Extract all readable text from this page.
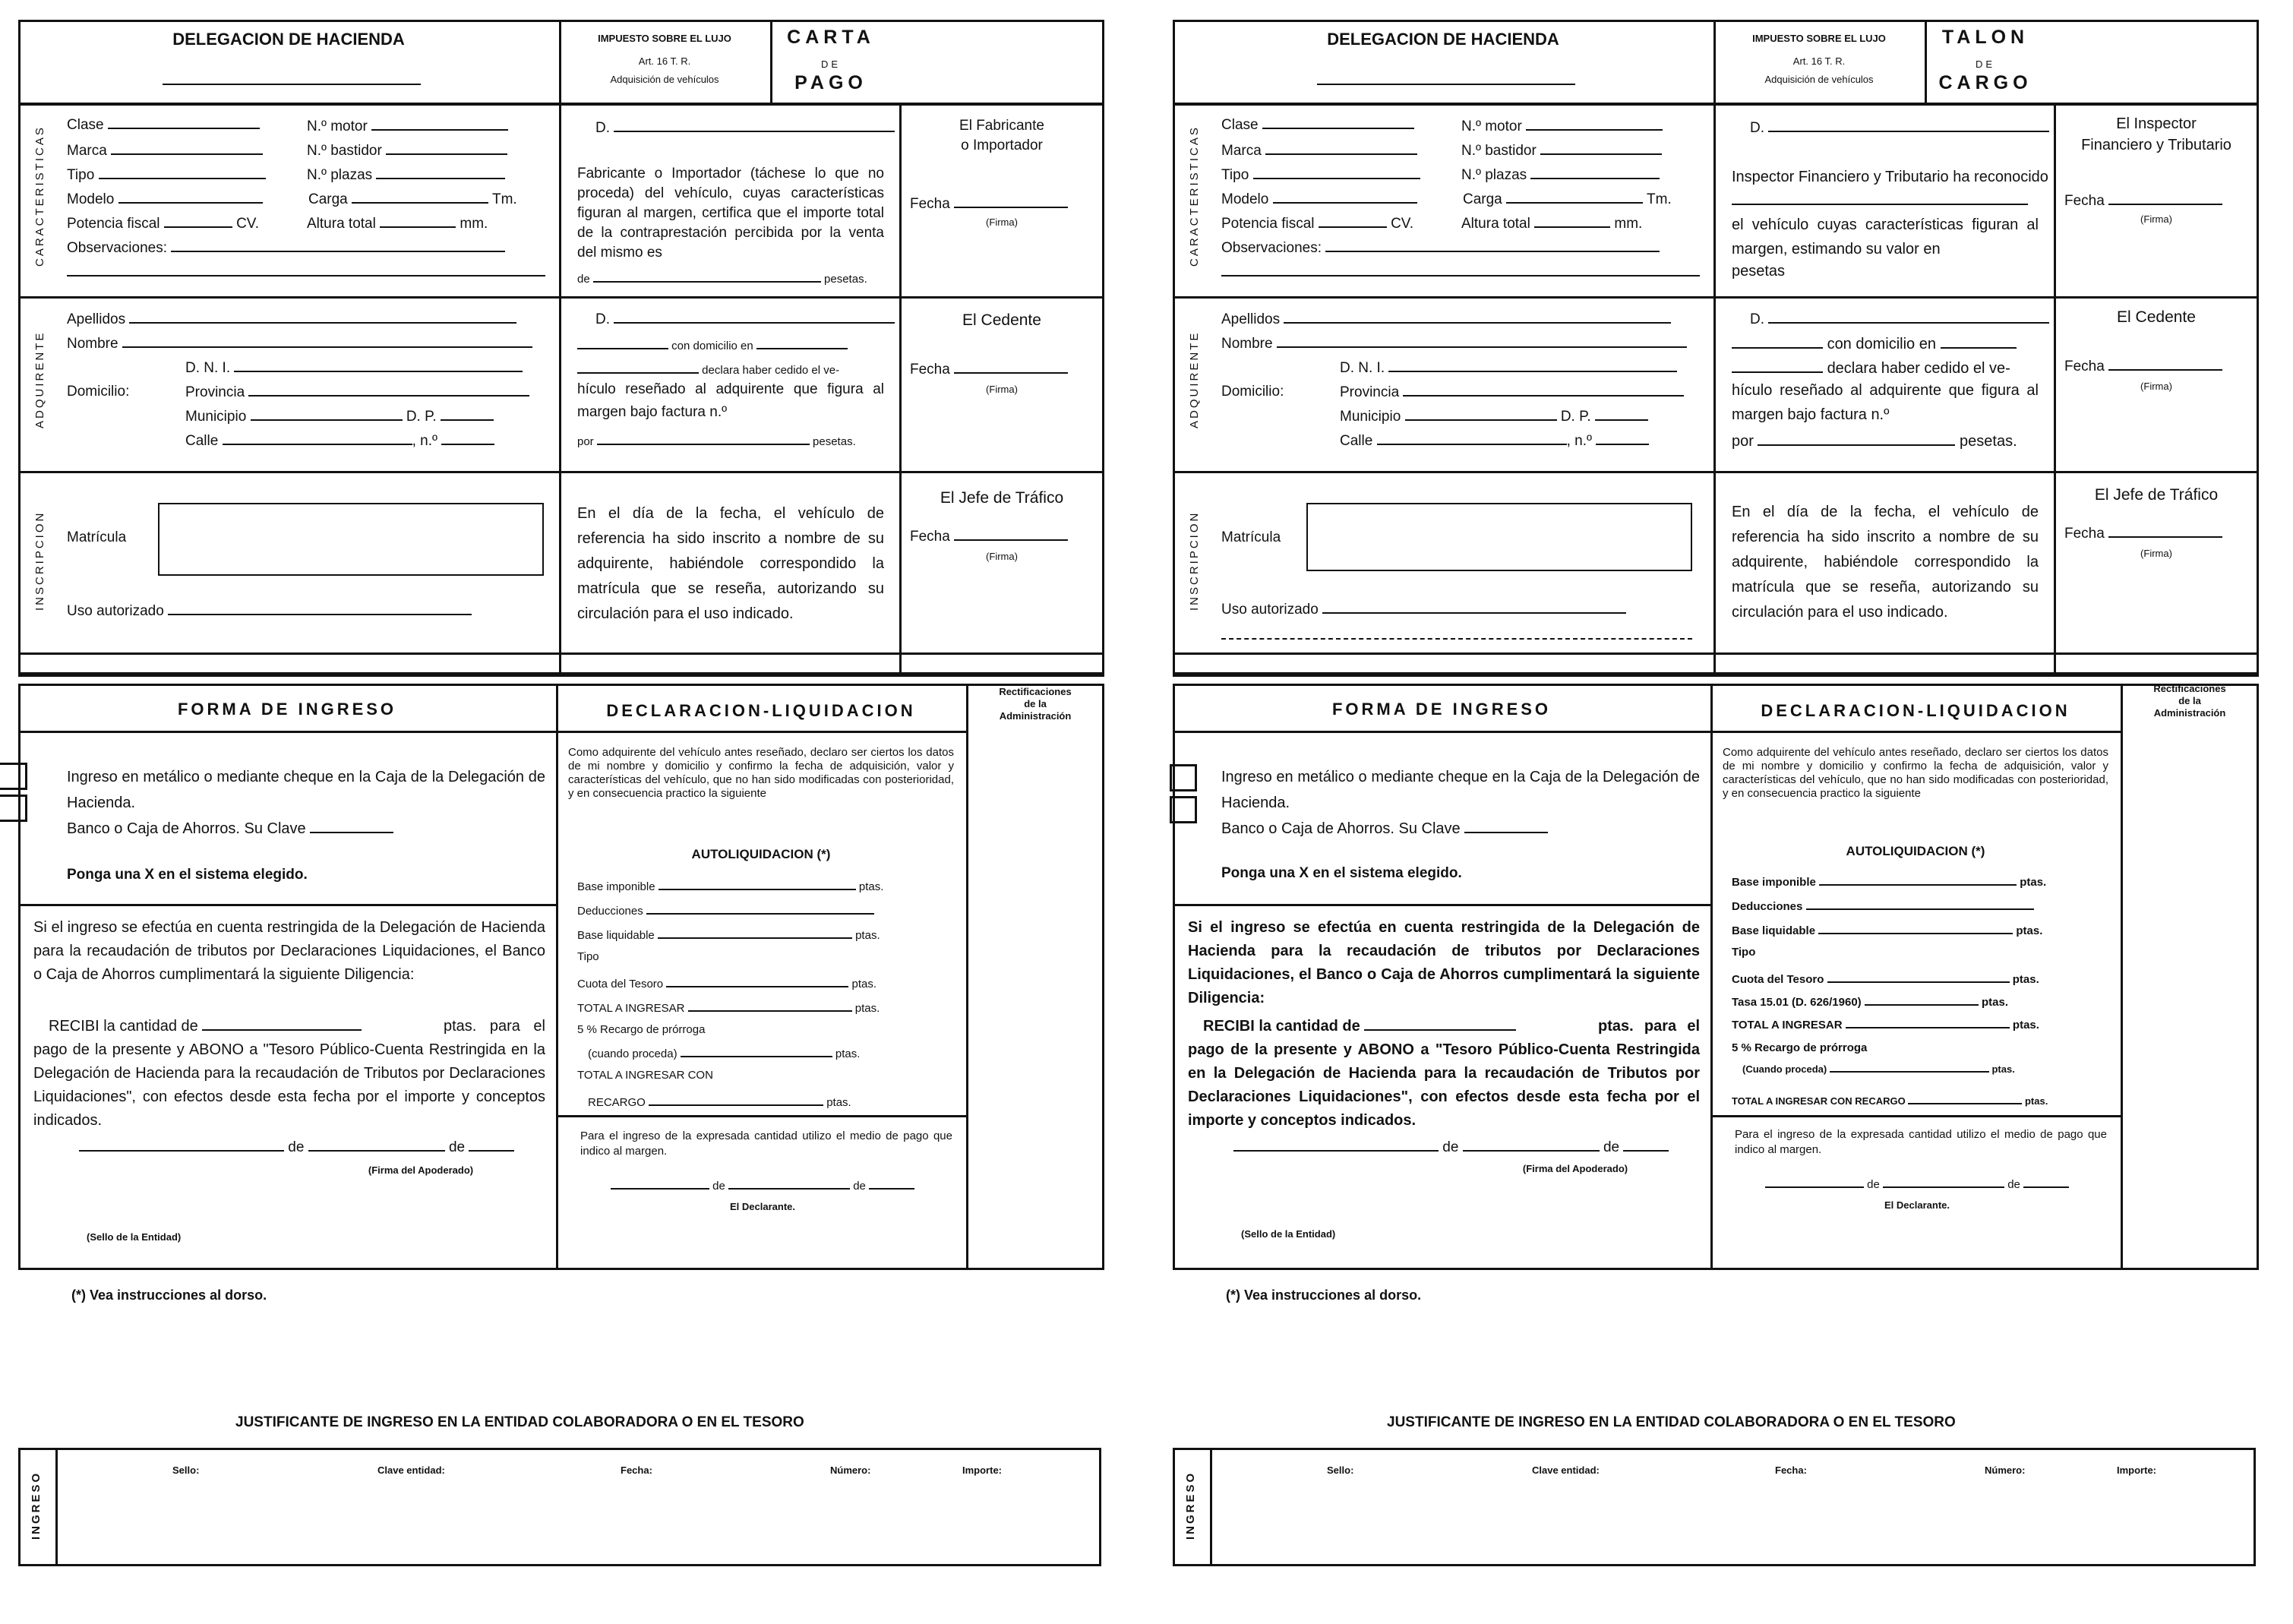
DELEGACION DE HACIENDA	IMPUESTO SOBRE EL LUJO
Art. 16 T. R.
Adquisición de vehículos
CARTA
DE
PAGO
CARACTERISTICAS
ADQUIRENTE
INSCRIPCION
Clase	N.º motor
Marca	N.º bastidor
Tipo	N.º plazas
Modelo	Carga	Tm.
Potencia fiscal	CV.	Altura total	mm.
Observaciones:
D.
Fabricante o Importador (táchese lo que no proceda) del vehículo, cuyas características figuran al margen, certifica que el importe total de la contraprestación percibida por la venta del mismo es
de	pesetas.
El Fabricante
o Importador
Fecha
(Firma)
Apellidos
Nombre
D. N. I.
Domicilio:	Provincia
Municipio	D. P.
Calle	, n.º
D.
con domicilio en
declara haber cedido el ve-
hículo reseñado al adquirente que figura al margen bajo factura n.º
por	pesetas.
El Cedente
Fecha
(Firma)
Matrícula
Uso autorizado
En el día de la fecha, el vehículo de referencia ha sido inscrito a nombre de su adquirente, habiéndole correspondido la matrícula que se reseña, autorizando su circulación para el uso indicado.
El Jefe de Tráfico
Fecha
(Firma)
FORMA DE INGRESO	DECLARACION-LIQUIDACION
Rectificaciones
de la
Administración
Ingreso en metálico o mediante cheque en la Caja de la Delegación de Hacienda.
Banco o Caja de Ahorros. Su Clave
Ponga una X en el sistema elegido.
Si el ingreso se efectúa en cuenta restringida de la Delegación de Hacienda para la recaudación de tributos por Declaraciones Liquidaciones, el Banco o Caja de Ahorros cumplimentará la siguiente Diligencia:
RECIBI la cantidad de	ptas. para el pago de la presente y ABONO a "Tesoro Público-Cuenta Restringida en la Delegación de Hacienda para la recaudación de Tributos por Declaraciones Liquidaciones", con efectos desde esta fecha por el importe y conceptos indicados.
de	de
(Firma del Apoderado)
(Sello de la Entidad)
Como adquirente del vehículo antes reseñado, declaro ser ciertos los datos de mi nombre y domicilio y confirmo la fecha de adquisición, valor y características del vehículo, que no han sido modificadas con posterioridad, y en consecuencia practico la siguiente
AUTOLIQUIDACION (*)
Base imponible	ptas.
Deducciones
Base liquidable	ptas.
Tipo
Cuota del Tesoro	ptas.
TOTAL A INGRESAR	ptas.
5 % Recargo de prórroga
(cuando proceda)	ptas.
TOTAL A INGRESAR CON
RECARGO	ptas.
Para el ingreso de la expresada cantidad utilizo el medio de pago que indico al margen.
de	de
El Declarante.
(*) Vea instrucciones al dorso.
DELEGACION DE HACIENDA	IMPUESTO SOBRE EL LUJO
Art. 16 T. R.
Adquisición de vehículos
TALON
DE
CARGO
CARACTERISTICAS
ADQUIRENTE
INSCRIPCION
Clase	N.º motor
Marca	N.º bastidor
Tipo	N.º plazas
Modelo	Carga	Tm.
Potencia fiscal	CV.	Altura total	mm.
Observaciones:
D.
Inspector Financiero y Tributario ha reconocido
el vehículo cuyas características figuran al margen, estimando su valor en
pesetas
El Inspector
Financiero y Tributario
Fecha
(Firma)
Apellidos
Nombre
D. N. I.
Domicilio:	Provincia
Municipio	D. P.
Calle	, n.º
D.
con domicilio en
declara haber cedido el ve-
hículo reseñado al adquirente que figura al margen bajo factura n.º
por	pesetas.
El Cedente
Fecha
(Firma)
Matrícula
Uso autorizado
En el día de la fecha, el vehículo de referencia ha sido inscrito a nombre de su adquirente, habiéndole correspondido la matrícula que se reseña, autorizando su circulación para el uso indicado.
El Jefe de Tráfico
Fecha
(Firma)
FORMA DE INGRESO	DECLARACION-LIQUIDACION
Rectificaciones
de la
Administración
Ingreso en metálico o mediante cheque en la Caja de la Delegación de Hacienda.
Banco o Caja de Ahorros. Su Clave
Ponga una X en el sistema elegido.
Si el ingreso se efectúa en cuenta restringida de la Delegación de Hacienda para la recaudación de tributos por Declaraciones Liquidaciones, el Banco o Caja de Ahorros cumplimentará la siguiente Diligencia:
RECIBI la cantidad de	ptas. para el pago de la presente y ABONO a "Tesoro Público-Cuenta Restringida en la Delegación de Hacienda para la recaudación de Tributos por Declaraciones Liquidaciones", con efectos desde esta fecha por el importe y conceptos indicados.
de	de
(Firma del Apoderado)
(Sello de la Entidad)
Como adquirente del vehículo antes reseñado, declaro ser ciertos los datos de mi nombre y domicilio y confirmo la fecha de adquisición, valor y características del vehículo, que no han sido modificadas con posterioridad, y en consecuencia practico la siguiente
AUTOLIQUIDACION (*)
Base imponible	ptas.
Deducciones
Base liquidable	ptas.
Tipo
Cuota del Tesoro	ptas.
Tasa 15.01 (D. 626/1960)	ptas.
TOTAL A INGRESAR	ptas.
5 % Recargo de prórroga
(Cuando proceda)	ptas.
TOTAL A INGRESAR CON RECARGO	ptas.
Para el ingreso de la expresada cantidad utilizo el medio de pago que indico al margen.
de	de
El Declarante.
(*) Vea instrucciones al dorso.
JUSTIFICANTE DE INGRESO EN LA ENTIDAD COLABORADORA O EN EL TESORO
INGRESO
Sello:	Clave entidad:	Fecha:	Número:	Importe:
JUSTIFICANTE DE INGRESO EN LA ENTIDAD COLABORADORA O EN EL TESORO
INGRESO
Sello:	Clave entidad:	Fecha:	Número:	Importe:
